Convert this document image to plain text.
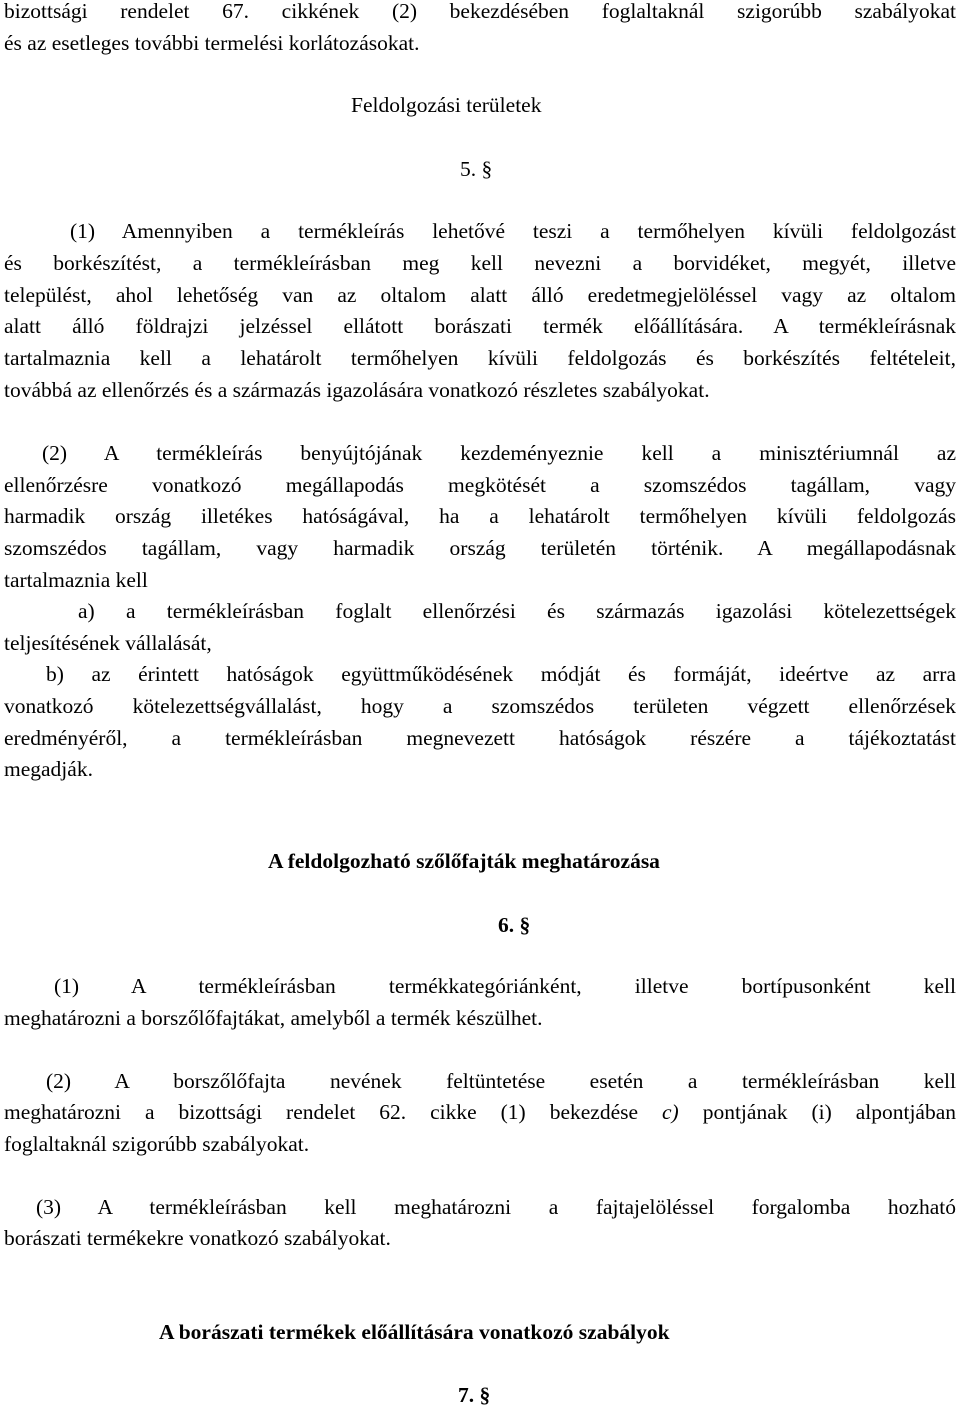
bizottsági rendelet 67. cikkének (2) bekezdésében foglaltaknál szigorúbb szabályokat
és az esetleges további termelési korlátozásokat.
Feldolgozási területek
5. §
(1) Amennyiben a termékleírás lehetővé teszi a termőhelyen kívüli feldolgozást
és borkészítést, a termékleírásban meg kell nevezni a borvidéket, megyét, illetve
települést, ahol lehetőség van az oltalom alatt álló eredetmegjelöléssel vagy az oltalom
alatt álló földrajzi jelzéssel ellátott borászati termék előállítására. A termékleírásnak
tartalmaznia kell a lehatárolt termőhelyen kívüli feldolgozás és borkészítés feltételeit,
továbbá az ellenőrzés és a származás igazolására vonatkozó részletes szabályokat.
(2) A termékleírás benyújtójának kezdeményeznie kell a minisztériumnál az
ellenőrzésre vonatkozó megállapodás megkötését a szomszédos tagállam, vagy
harmadik ország illetékes hatóságával, ha a lehatárolt termőhelyen kívüli feldolgozás
szomszédos tagállam, vagy harmadik ország területén történik. A megállapodásnak
tartalmaznia kell
a) a termékleírásban foglalt ellenőrzési és származás igazolási kötelezettségek
teljesítésének vállalását,
b) az érintett hatóságok együttműködésének módját és formáját, ideértve az arra
vonatkozó kötelezettségvállalást, hogy a szomszédos területen végzett ellenőrzések
eredményéről, a termékleírásban megnevezett hatóságok részére a tájékoztatást
megadják.
A feldolgozható szőlőfajták meghatározása
6. §
(1) A termékleírásban termékkategóriánként, illetve bortípusonként kell
meghatározni a borszőlőfajtákat, amelyből a termék készülhet.
(2) A borszőlőfajta nevének feltüntetése esetén a termékleírásban kell
meghatározni a bizottsági rendelet 62. cikke (1) bekezdése c) pontjának (i) alpontjában
foglaltaknál szigorúbb szabályokat.
(3) A termékleírásban kell meghatározni a fajtajelöléssel forgalomba hozható
borászati termékekre vonatkozó szabályokat.
A borászati termékek előállítására vonatkozó szabályok
7. §
